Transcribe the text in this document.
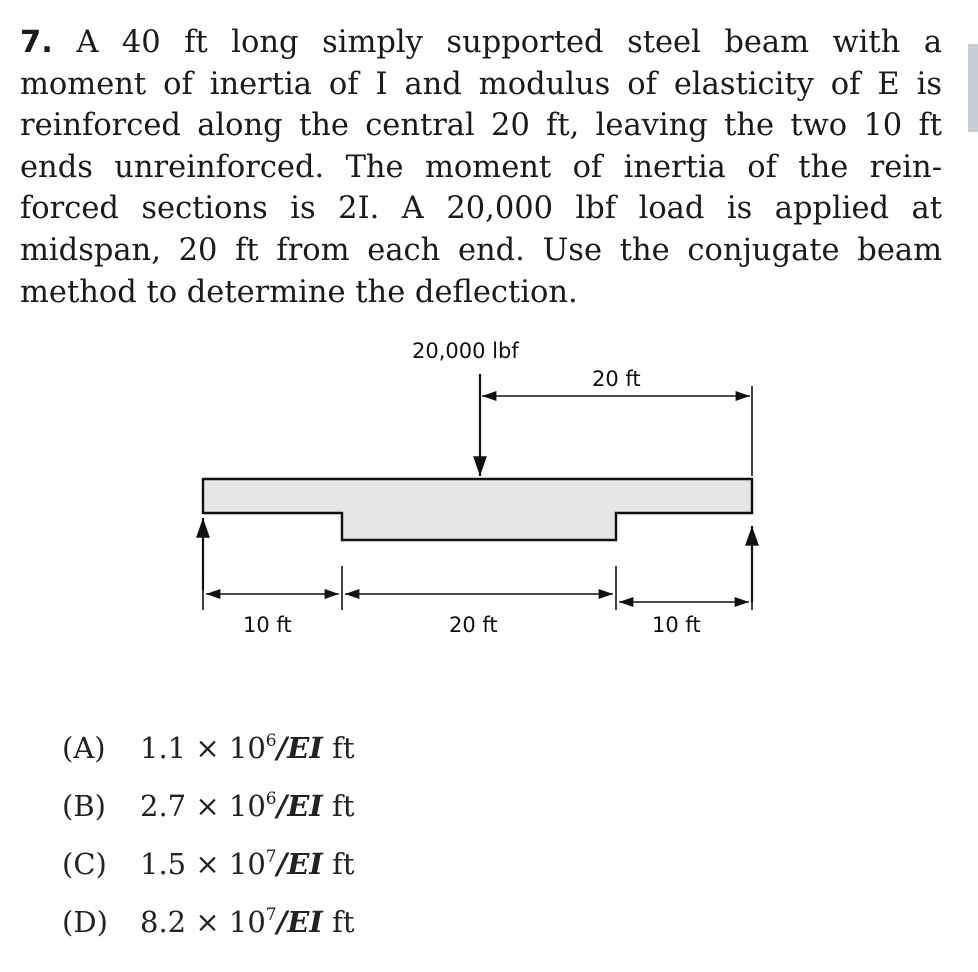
7. A 40 ft long simply supported steel beam with a
moment of inertia of I and modulus of elasticity of E is
reinforced along the central 20 ft, leaving the two 10 ft
ends unreinforced. The moment of inertia of the rein-
forced sections is 2I. A 20,000 lbf load is applied at
midspan, 20 ft from each end. Use the conjugate beam
method to determine the deflection.
20,000 lbf
20 ft
10 ft	20 ft	10 ft
(A) $1.1 \times 10^6/EI$ ft
(B) $2.7 \times 10^6/EI$ ft
(C) $1.5 \times 10^7/EI$ ft
(D) $8.2 \times 10^7/EI$ ft
